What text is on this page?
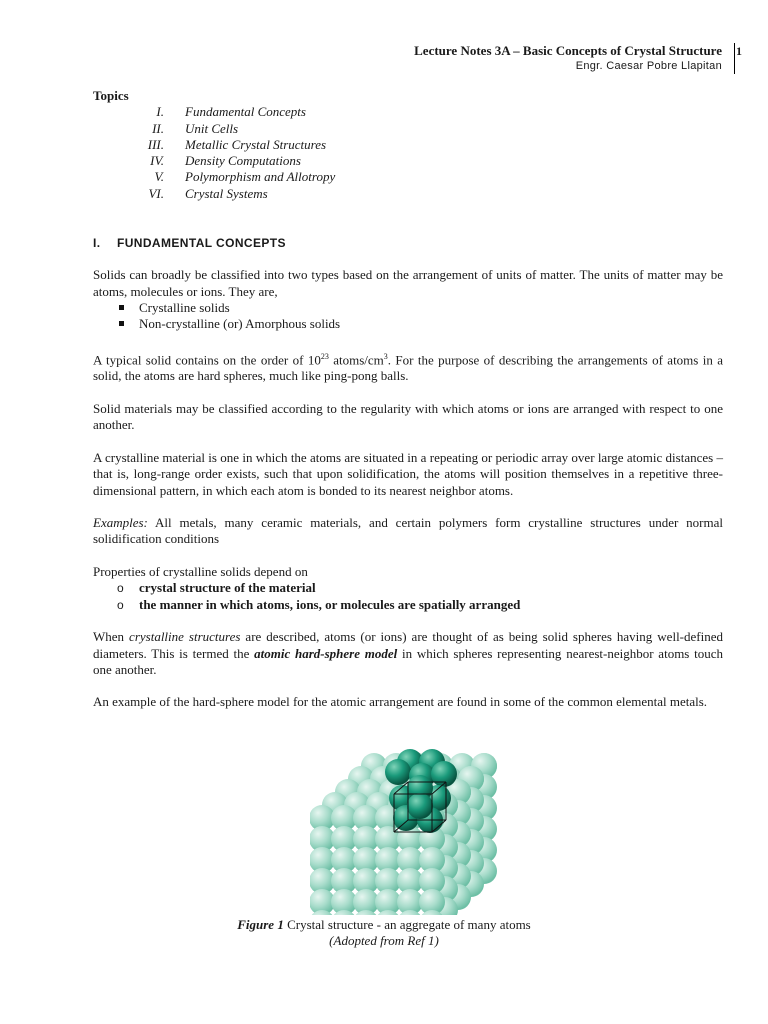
Lecture Notes 3A – Basic Concepts of Crystal Structure
Engr. Caesar Pobre Llapitan
1
Topics
I. Fundamental Concepts
II. Unit Cells
III. Metallic Crystal Structures
IV. Density Computations
V. Polymorphism and Allotropy
VI. Crystal Systems
I.	FUNDAMENTAL CONCEPTS

Solids can broadly be classified into two types based on the arrangement of units of matter. The units of matter may be atoms, molecules or ions. They are,

Crystalline solids
Non-crystalline (or) Amorphous solids

A typical solid contains on the order of $10^{23}$ atoms/$cm^3$. For the purpose of describing the arrangements of atoms in a solid, the atoms are hard spheres, much like ping-pong balls.

Solid materials may be classified according to the regularity with which atoms or ions are arranged with respect to one another.

A crystalline material is one in which the atoms are situated in a repeating or periodic array over large atomic distances – that is, long-range order exists, such that upon solidification, the atoms will position themselves in a repetitive three-dimensional pattern, in which each atom is bonded to its nearest neighbor atoms.

Examples: All metals, many ceramic materials, and certain polymers form crystalline structures under normal solidification conditions

Properties of crystalline solids depend on

o crystal structure of the material
o the manner in which atoms, ions, or molecules are spatially arranged

When crystalline structures are described, atoms (or ions) are thought of as being solid spheres having well-defined diameters. This is termed the atomic hard-sphere model in which spheres representing nearest-neighbor atoms touch one another.

An example of the hard-sphere model for the atomic arrangement are found in some of the common elemental metals.

Figure 1 Crystal structure - an aggregate of many atoms
(Adopted from Ref 1)
